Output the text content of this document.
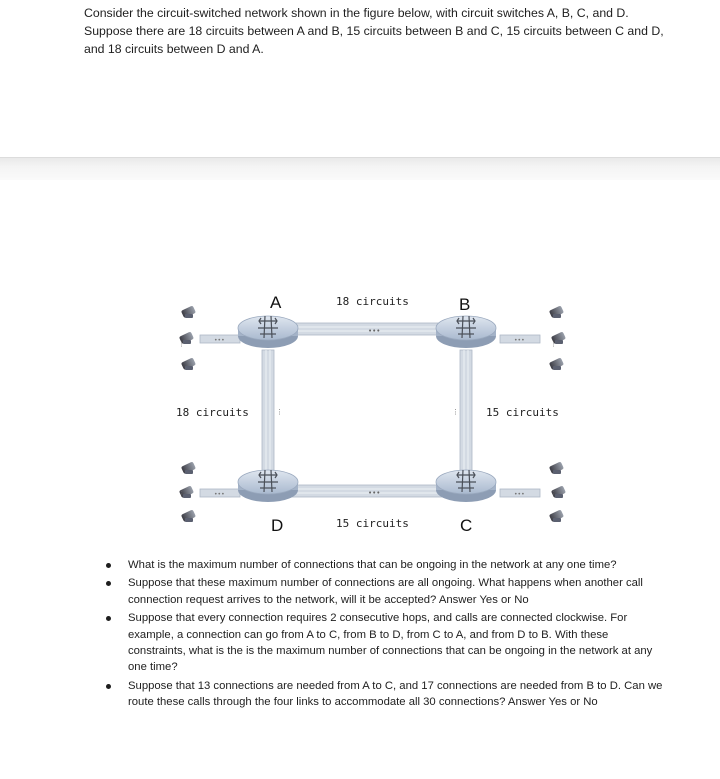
Consider the circuit-switched network shown in the figure below, with circuit switches A, B, C, and D. Suppose there are 18 circuits between A and B, 15 circuits between B and C, 15 circuits between C and D, and 18 circuits between D and A.
•••
•••
⋮	⋮
•••	•••
•••	•••
⋮	⋮
⋮	⋮
A	B
D	C
18 circuits
18 circuits	15 circuits
15 circuits
What is the maximum number of connections that can be ongoing in the network at any one time?
Suppose that these maximum number of connections are all ongoing. What happens when another call connection request arrives to the network, will it be accepted? Answer Yes or No
Suppose that every connection requires 2 consecutive hops, and calls are connected clockwise. For example, a connection can go from A to C, from B to D, from C to A, and from D to B. With these constraints, what is the is the maximum number of connections that can be ongoing in the network at any one time?
Suppose that 13 connections are needed from A to C, and 17 connections are needed from B to D. Can we route these calls through the four links to accommodate all 30 connections? Answer Yes or No
